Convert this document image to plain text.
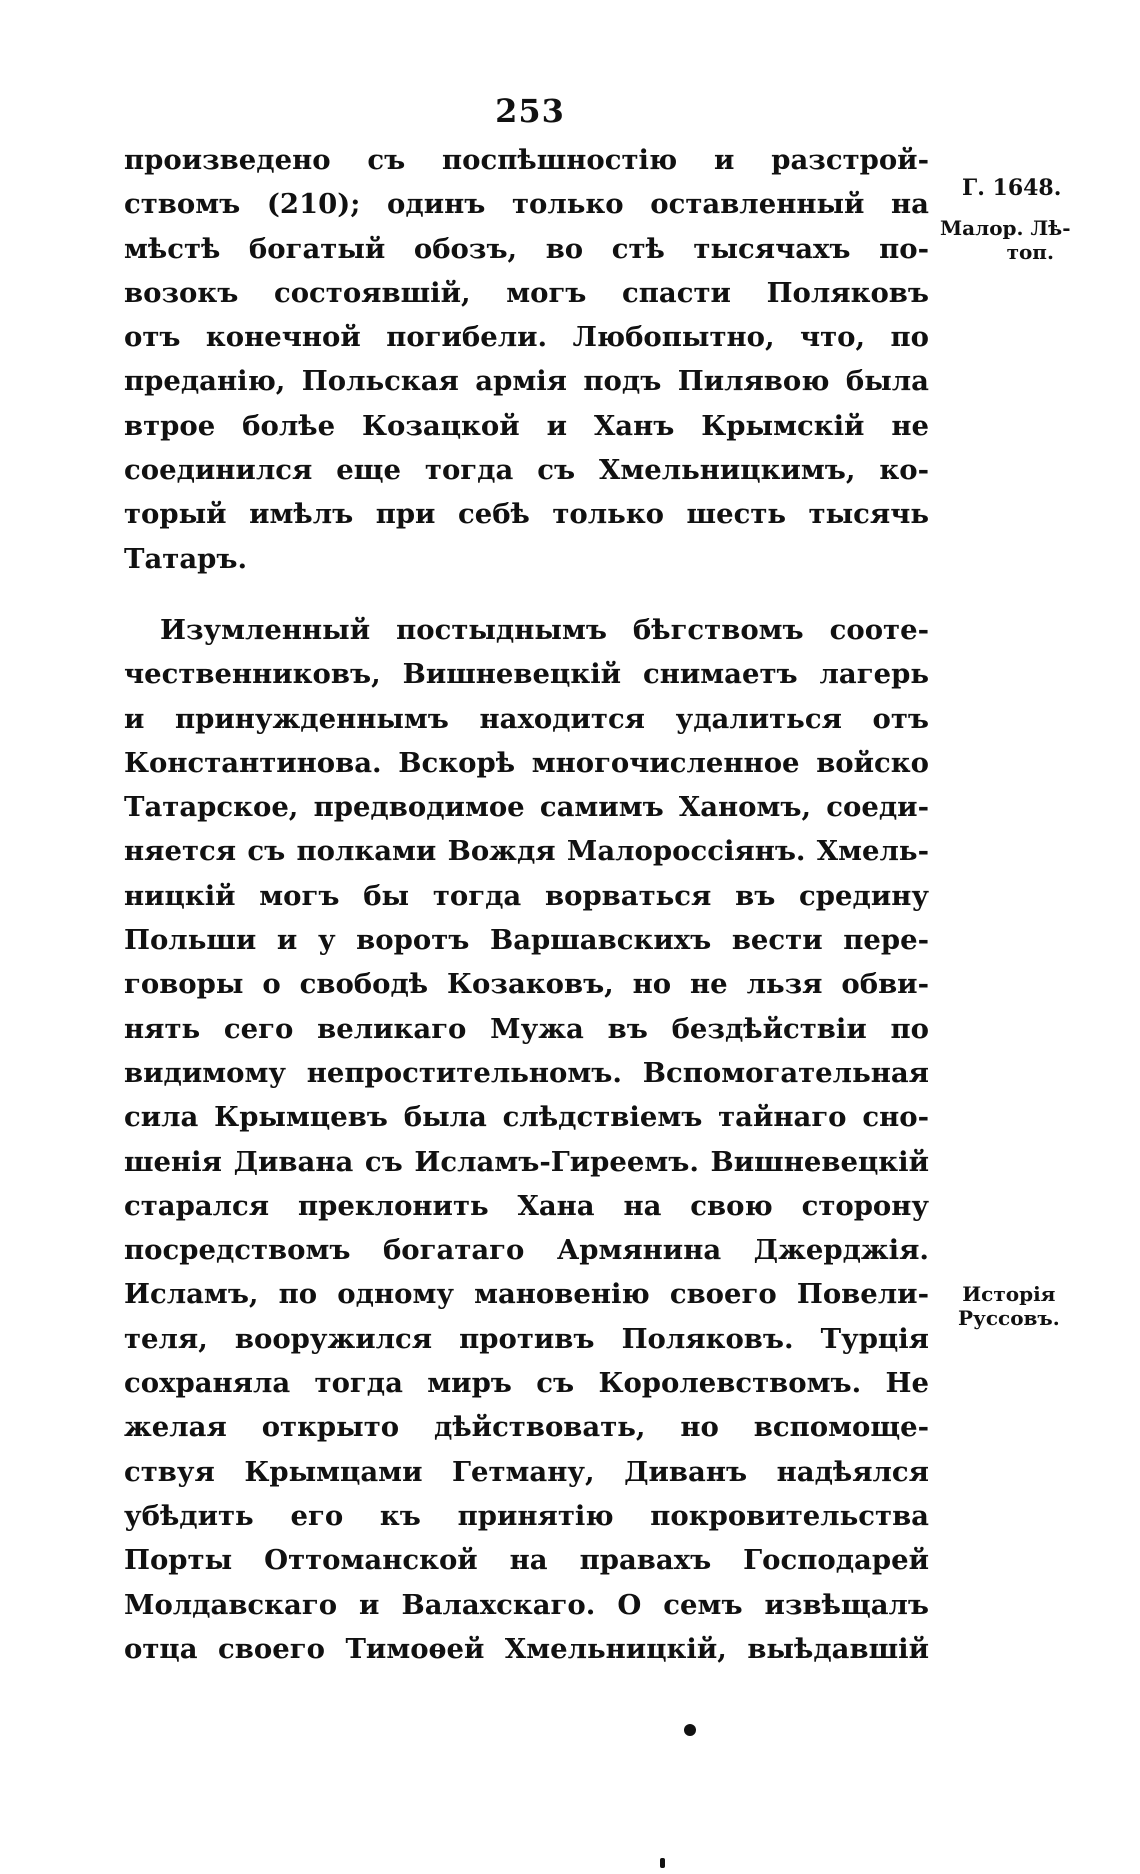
253
произведено съ поспѣшностію и разстрой-
ствомъ (210); одинъ только оставленный на
мѣстѣ богатый обозъ, во стѣ тысячахъ по-
возокъ состоявшій, могъ спасти Поляковъ
отъ конечной погибели. Любопытно, что, по
преданію, Польская армія подъ Пилявою была
втрое болѣе Козацкой и Ханъ Крымскій не
соединился еще тогда съ Хмельницкимъ, ко-
торый имѣлъ при себѣ только шесть тысячь
Татаръ.
Изумленный постыднымъ бѣгствомъ сооте-
чественниковъ, Вишневецкій снимаетъ лагерь
и принужденнымъ находится удалиться отъ
Константинова. Вскорѣ многочисленное войско
Татарское, предводимое самимъ Ханомъ, соеди-
няется съ полками Вождя Малороссіянъ. Хмель-
ницкій могъ бы тогда ворваться въ средину
Польши и у воротъ Варшавскихъ вести пере-
говоры о свободѣ Козаковъ, но не льзя обви-
нять сего великаго Мужа въ бездѣйствіи по
видимому непростительномъ. Вспомогательная
сила Крымцевъ была слѣдствіемъ тайнаго сно-
шенія Дивана съ Исламъ-Гиреемъ. Вишневецкій
старался преклонить Хана на свою сторону
посредствомъ богатаго Армянина Джерджія.
Исламъ, по одному мановенію своего Повели-
теля, вооружился противъ Поляковъ. Турція
сохраняла тогда миръ съ Королевствомъ. Не
желая открыто дѣйствовать, но вспомоще-
ствуя Крымцами Гетману, Диванъ надѣялся
убѣдить его къ принятію покровительства
Порты Оттоманской на правахъ Господарей
Молдавскаго и Валахскаго. О семъ извѣщалъ
отца своего Тимоѳей Хмельницкій, выѣдавшій
Г. 1648.
Малор. Лѣ-
топ.
Исторія
Руссовъ.
